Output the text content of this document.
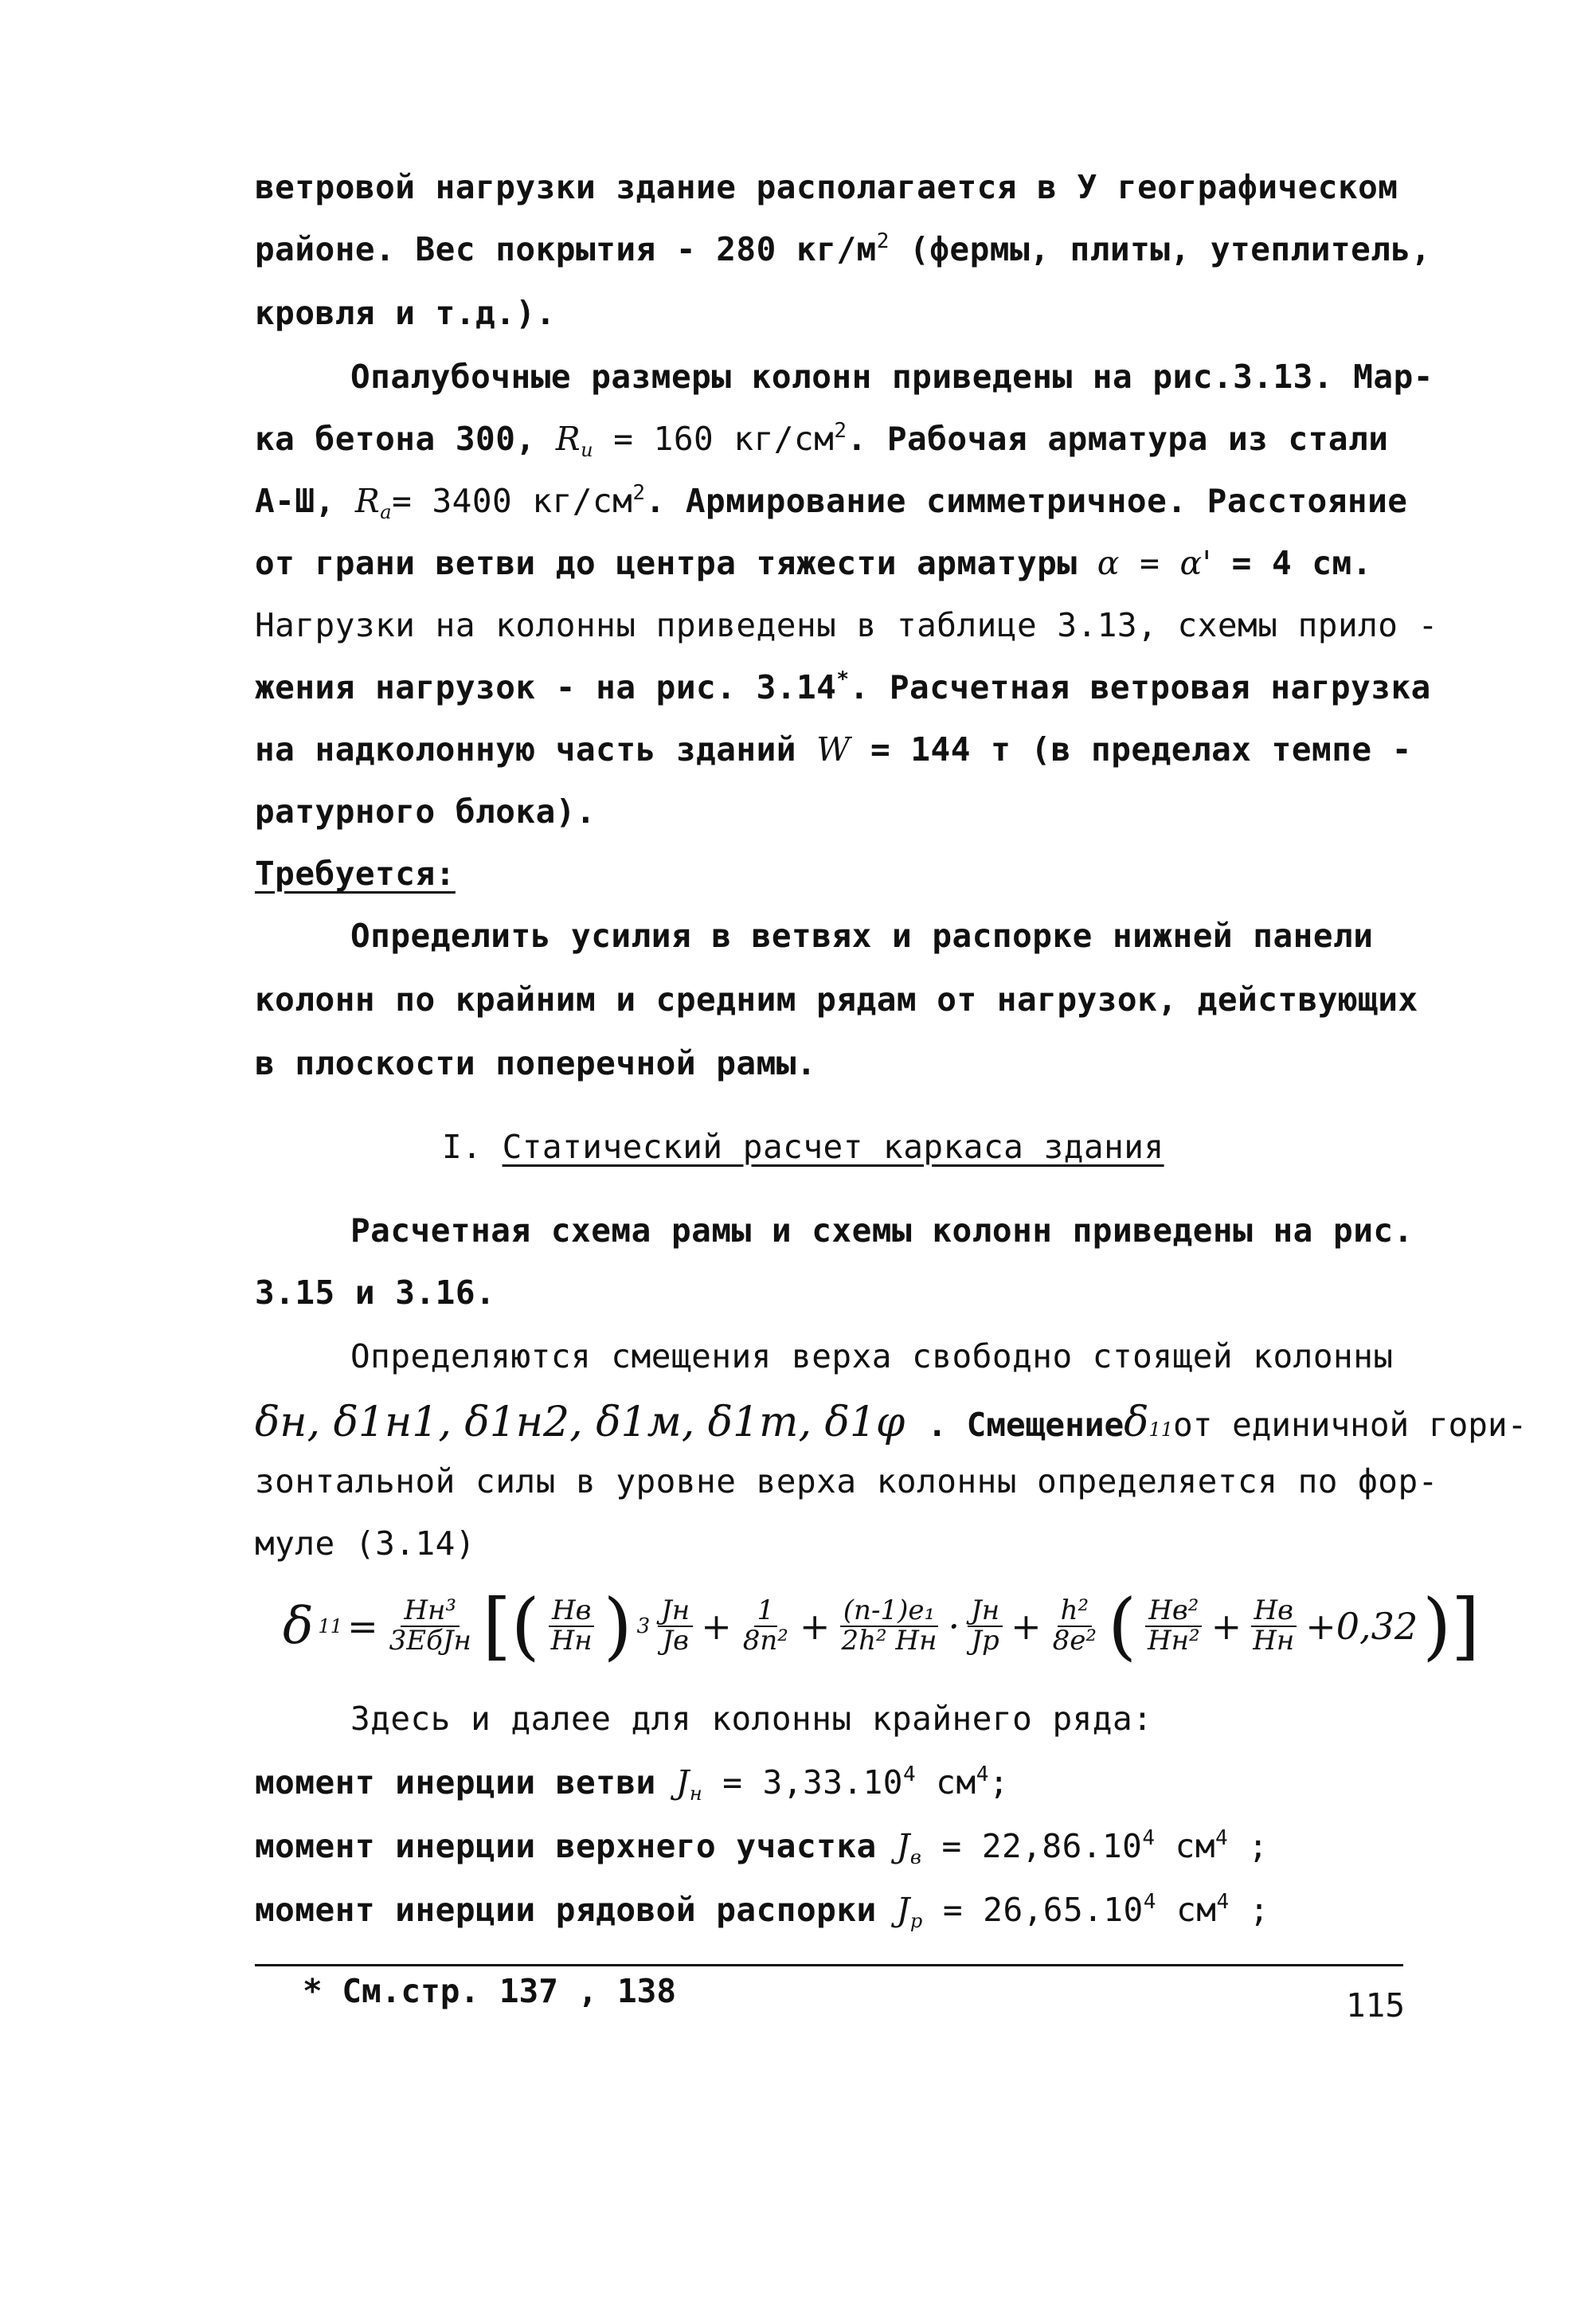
ветровой нагрузки здание располагается в У географическом
районе. Вес покрытия - 280 $кг/м^2$ (фермы, плиты, утеплитель,
кровля и т.д.).
Опалубочные размеры колонн приведены на рис.3.13. Мар-
ка бетона 300, $R_и = 160$ $кг/см^2$. Рабочая арматура из стали
А-Ш, $R_а= 3400$ $кг/см^2$. Армирование симметричное. Расстояние
от грани ветви до центра тяжести арматуры α = α' = 4 см.
Нагрузки на колонны приведены в таблице 3.13, схемы прило -
жения нагрузок - на рис. 3.14*. Расчетная ветровая нагрузка
на надколонную часть зданий W = 144 т (в пределах темпе -
ратурного блока).
Требуется:
Определить усилия в ветвях и распорке нижней панели
колонн по крайним и средним рядам от нагрузок, действующих
в плоскости поперечной рамы.
I. Статический расчет каркаса здания
Расчетная схема рамы и схемы колонн приведены на рис.
3.15 и 3.16.
Определяются смещения верха свободно стоящей колонны
δн, δ1н1, δ1н2, δ1м, δ1т, δ1φ . Смещение δ 11 от единичной гори-
зонтальной силы в уровне верха колонны определяется по фор-
муле (3.14)
δ $11 = \frac{\text{Hн³}}{\text{3EбJн}}$ [( $\frac{Hв}{Hн}$ ) $3 \frac{Jн}{Jв} + \frac{1}{\text{8n²}} + \frac{\text{(n-1)e₁}}{\text{2h² Hн}} \cdot \frac{Jн}{Jp} + \frac{\text{h²}}{\text{8e²}}$ ( $\frac{\text{Hв²}}{\text{Hн²}} + \frac{Hв}{Hн} +0,32$ )]
Здесь и далее для колонны крайнего ряда:
момент инерции ветви $J_н = 3,33.10^4$ $см^4$;
момент инерции верхнего участка $J_в = 22,86.10^4$ $см^4$ ;
момент инерции рядовой распорки $J_р = 26,65.10^4$ $см^4$ ;
* См.стр. 137 , 138	115
